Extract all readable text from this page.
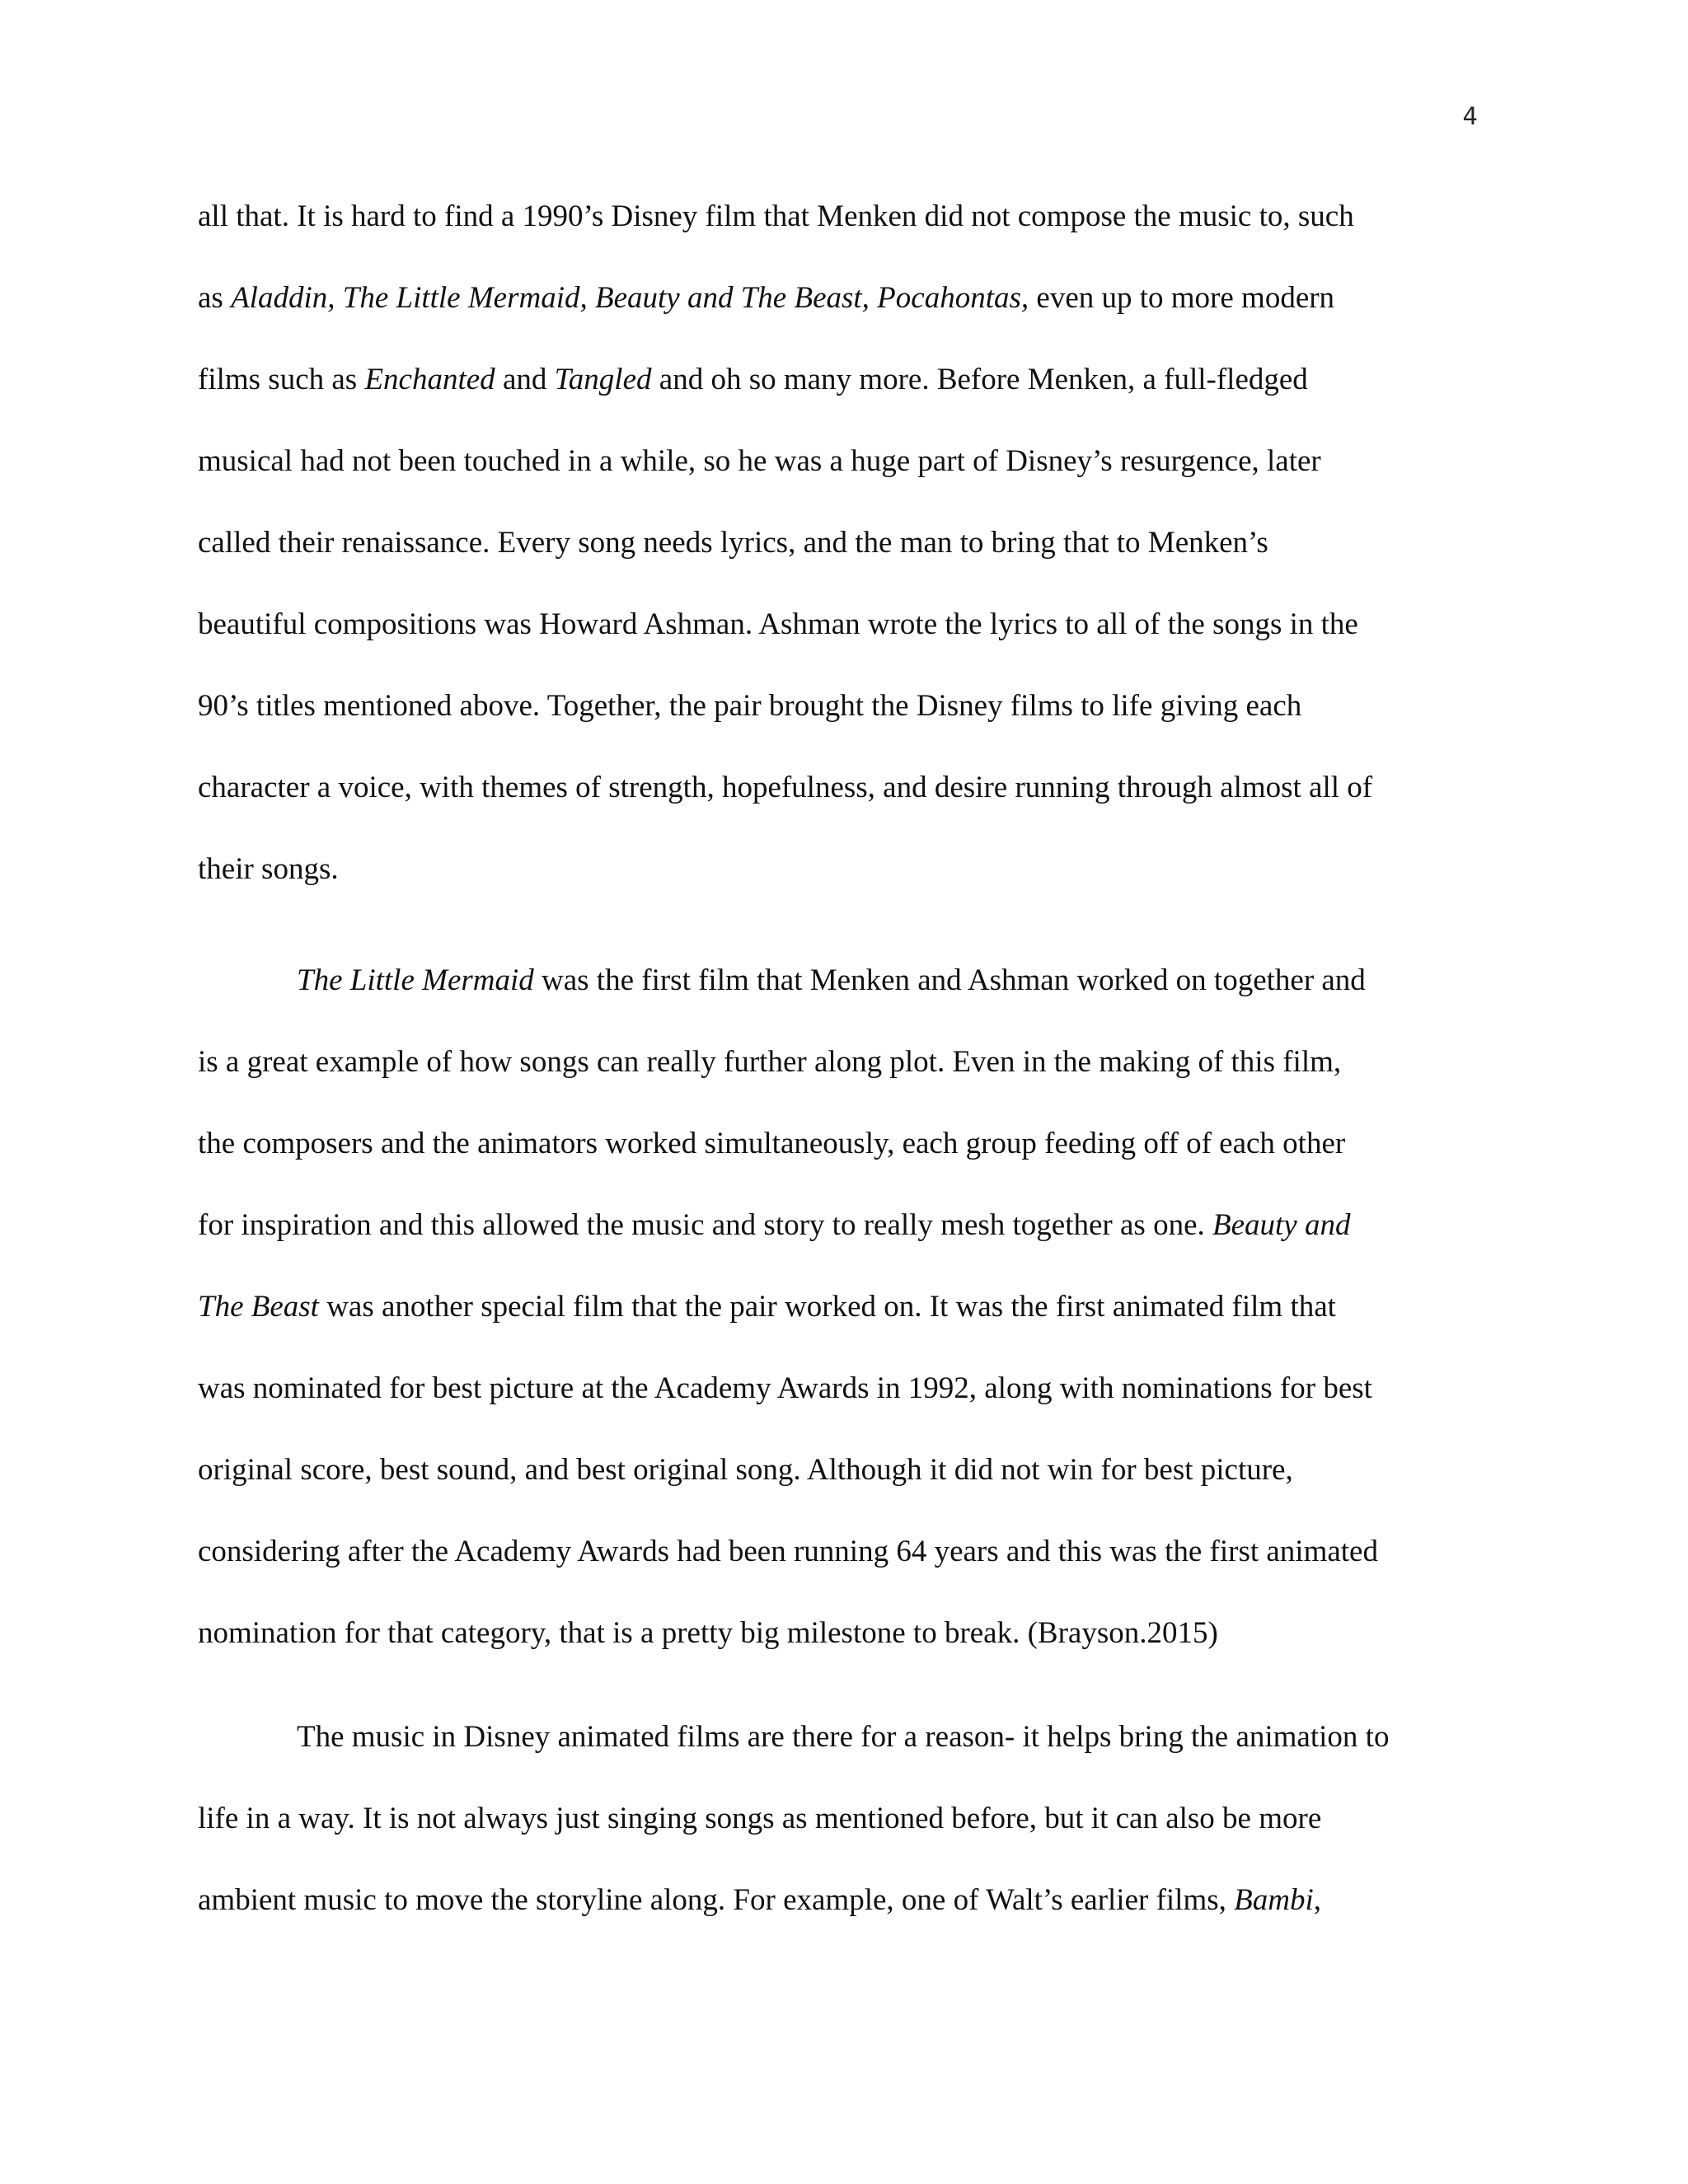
4
all that. It is hard to find a 1990’s Disney film that Menken did not compose the music to, such
as Aladdin, The Little Mermaid, Beauty and The Beast, Pocahontas, even up to more modern
films such as Enchanted and Tangled and oh so many more. Before Menken, a full-fledged
musical had not been touched in a while, so he was a huge part of Disney’s resurgence, later
called their renaissance. Every song needs lyrics, and the man to bring that to Menken’s
beautiful compositions was Howard Ashman. Ashman wrote the lyrics to all of the songs in the
90’s titles mentioned above. Together, the pair brought the Disney films to life giving each
character a voice, with themes of strength, hopefulness, and desire running through almost all of
their songs.
The Little Mermaid was the first film that Menken and Ashman worked on together and
is a great example of how songs can really further along plot. Even in the making of this film,
the composers and the animators worked simultaneously, each group feeding off of each other
for inspiration and this allowed the music and story to really mesh together as one. Beauty and
The Beast was another special film that the pair worked on. It was the first animated film that
was nominated for best picture at the Academy Awards in 1992, along with nominations for best
original score, best sound, and best original song. Although it did not win for best picture,
considering after the Academy Awards had been running 64 years and this was the first animated
nomination for that category, that is a pretty big milestone to break. (Brayson.2015)
The music in Disney animated films are there for a reason- it helps bring the animation to
life in a way. It is not always just singing songs as mentioned before, but it can also be more
ambient music to move the storyline along. For example, one of Walt’s earlier films, Bambi,
